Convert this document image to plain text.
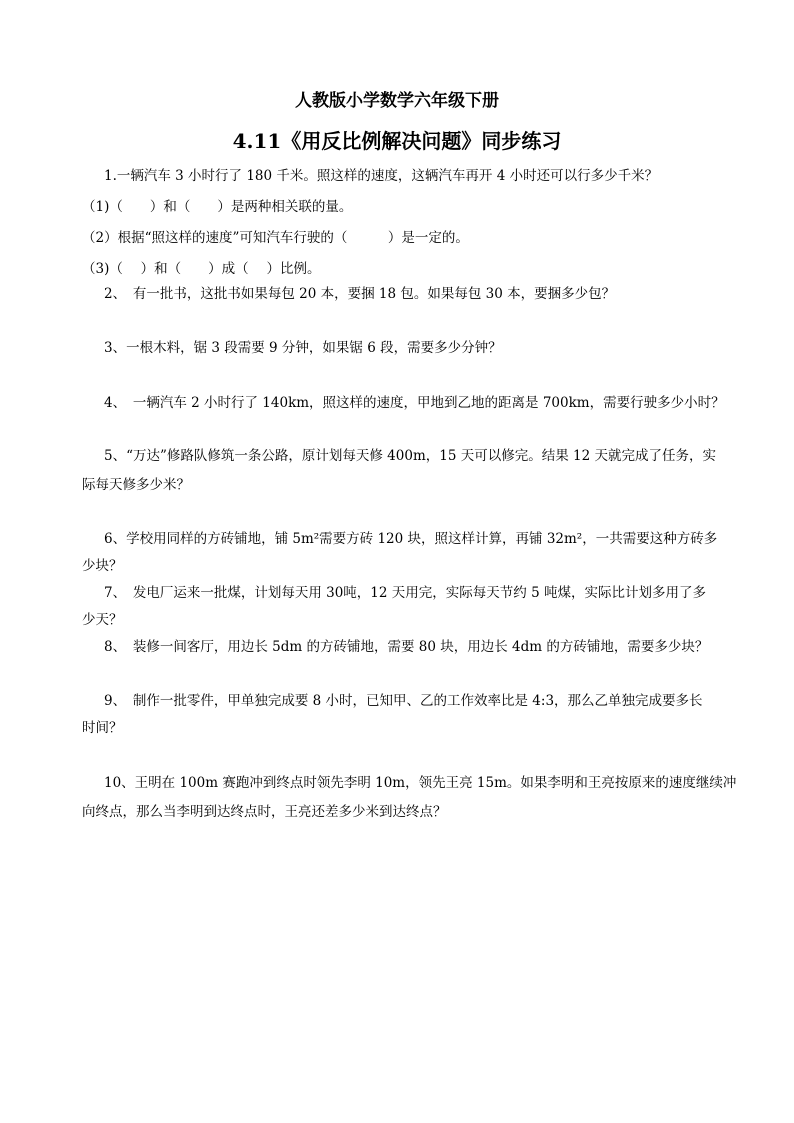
人教版小学数学六年级下册
4.11《用反比例解决问题》同步练习
1.一辆汽车 3 小时行了 180 千米。照这样的速度，这辆汽车再开 4 小时还可以行多少千米？
（1)（　　）和（　　）是两种相关联的量。
（2）根据“照这样的速度”可知汽车行驶的（　　　）是一定的。
（3)（　 ）和（　　）成（　 ）比例。
2、　有一批书，这批书如果每包 20 本，要捆 18 包。如果每包 30 本，要捆多少包？
3、一根木料，锯 3 段需要 9 分钟，如果锯 6 段，需要多少分钟？
4、　一辆汽车 2 小时行了 140km，照这样的速度，甲地到乙地的距离是 700km，需要行驶多少小时？
5、“万达”修路队修筑一条公路，原计划每天修 400m，15 天可以修完。结果 12 天就完成了任务，实
际每天修多少米？
6、学校用同样的方砖铺地，铺 5m²需要方砖 120 块，照这样计算，再铺 32m²，一共需要这种方砖多
少块？
7、　发电厂运来一批煤，计划每天用 30吨，12 天用完，实际每天节约 5 吨煤，实际比计划多用了多
少天？
8、　装修一间客厅，用边长 5dm 的方砖铺地，需要 80 块，用边长 4dm 的方砖铺地，需要多少块？
9、　制作一批零件，甲单独完成要 8 小时，已知甲、乙的工作效率比是 4:3，那么乙单独完成要多长
时间？
10、王明在 100m 赛跑冲到终点时领先李明 10m，领先王亮 15m。如果李明和王亮按原来的速度继续冲
向终点，那么当李明到达终点时，王亮还差多少米到达终点？
